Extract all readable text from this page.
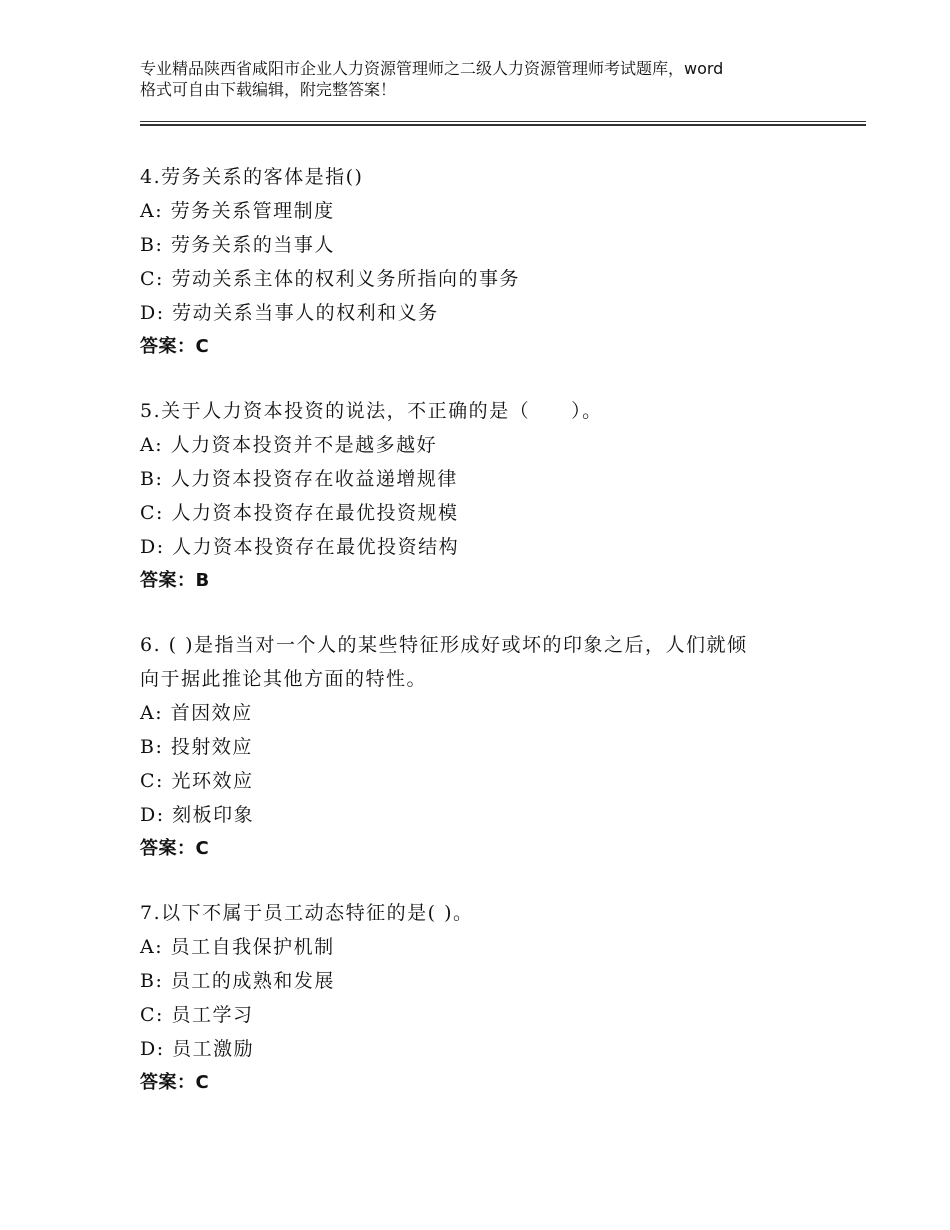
专业精品陕西省咸阳市企业人力资源管理师之二级人力资源管理师考试题库，word
格式可自由下载编辑，附完整答案！
4.劳务关系的客体是指()
A: 劳务关系管理制度
B: 劳务关系的当事人
C: 劳动关系主体的权利义务所指向的事务
D: 劳动关系当事人的权利和义务
答案：C
5.关于人力资本投资的说法，不正确的是（　　）。
A: 人力资本投资并不是越多越好
B: 人力资本投资存在收益递增规律
C: 人力资本投资存在最优投资规模
D: 人力资本投资存在最优投资结构
答案：B
6. ( )是指当对一个人的某些特征形成好或坏的印象之后，人们就倾
向于据此推论其他方面的特性。
A: 首因效应
B: 投射效应
C: 光环效应
D: 刻板印象
答案：C
7.以下不属于员工动态特征的是( )。
A: 员工自我保护机制
B: 员工的成熟和发展
C: 员工学习
D: 员工激励
答案：C
